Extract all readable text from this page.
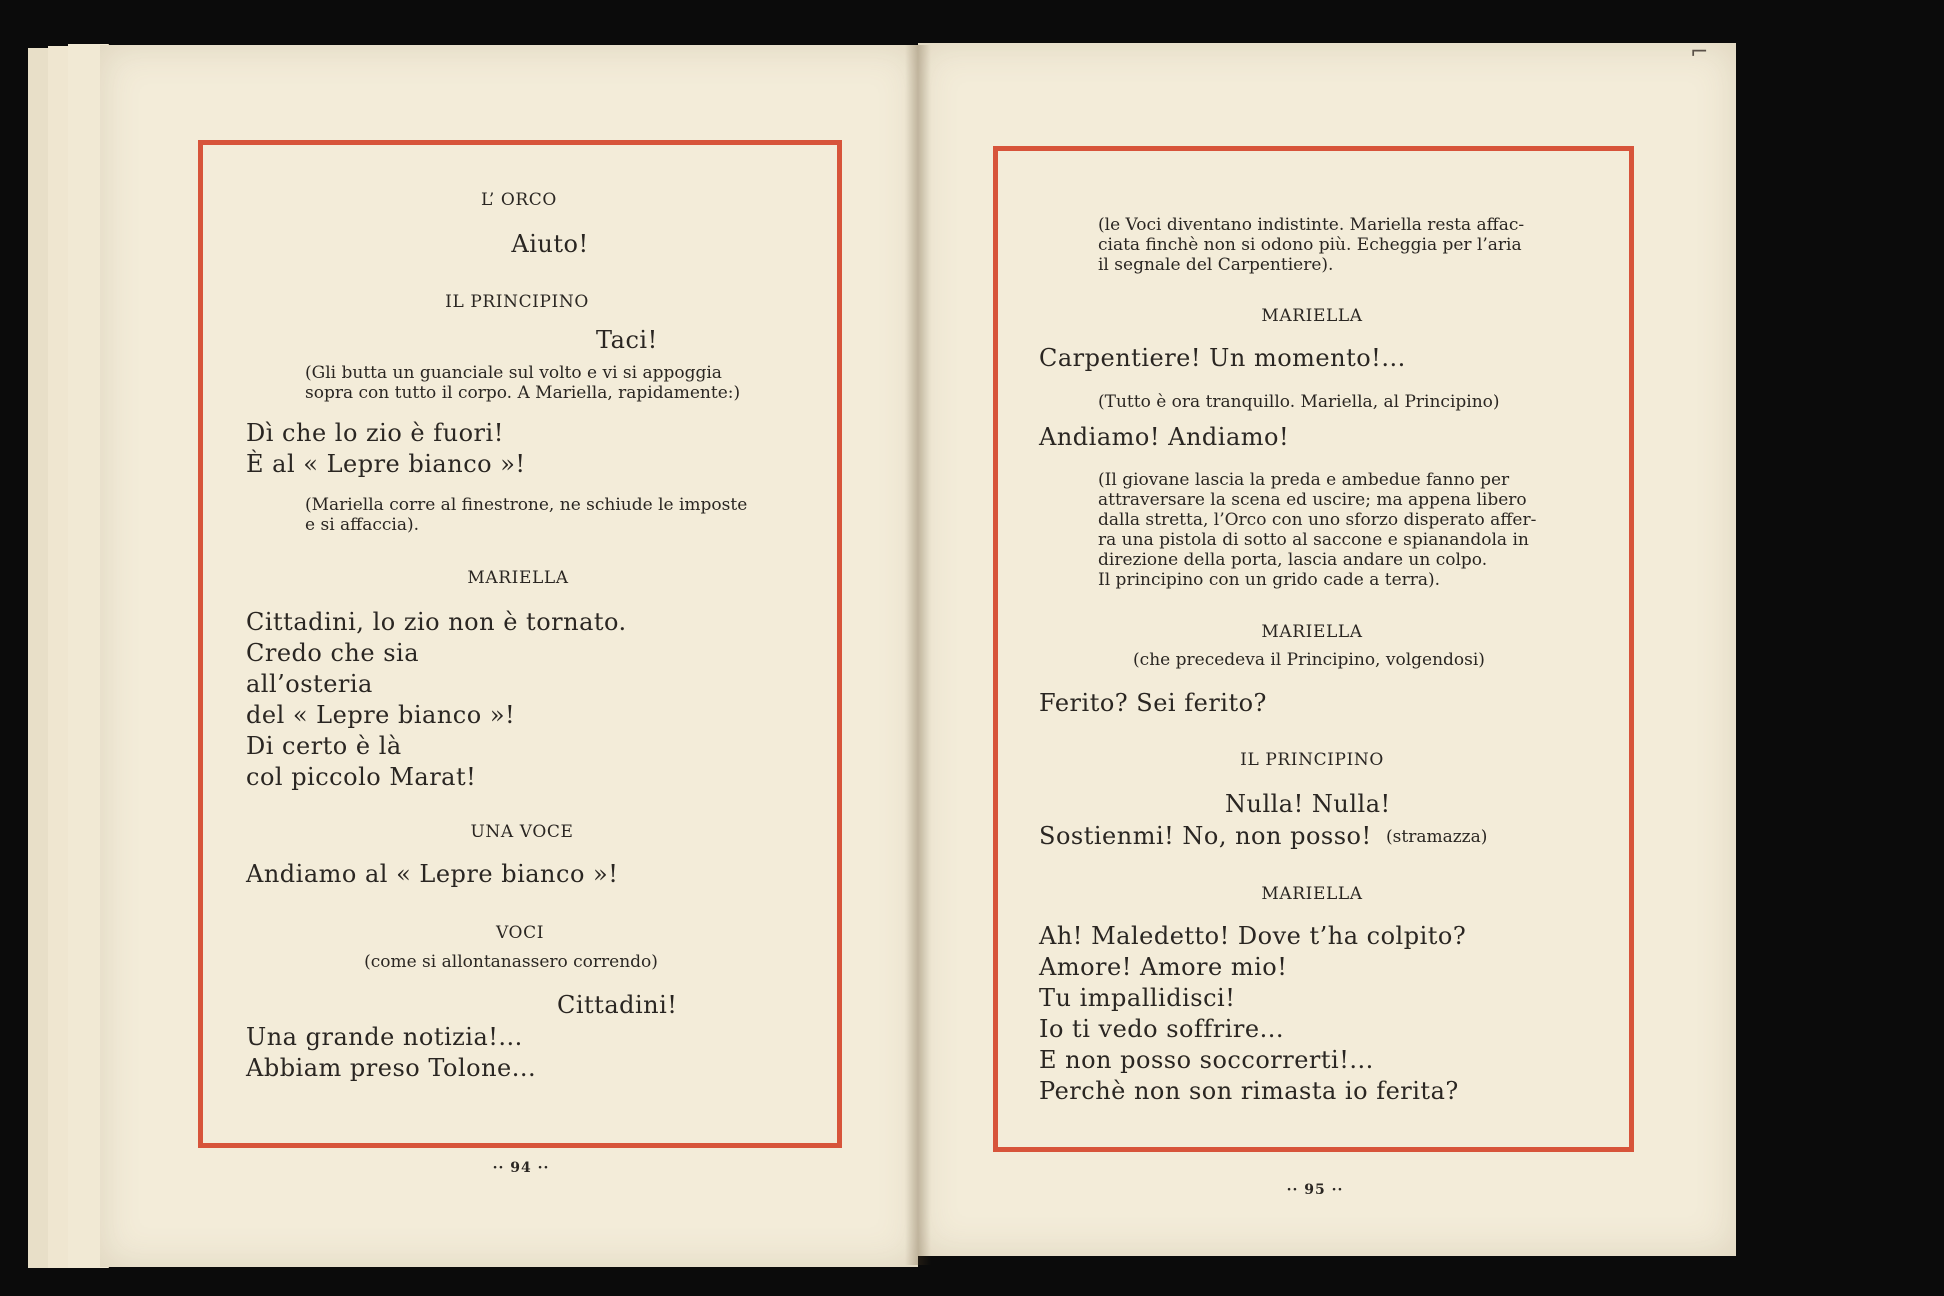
L’ ORCO

Aiuto!

IL PRINCIPINO

Taci!

(Gli butta un guanciale sul volto e vi si appoggia
sopra con tutto il corpo. A Mariella, rapidamente:)
Dì che lo zio è fuori!
È al « Lepre bianco »!
(Mariella corre al finestrone, ne schiude le imposte
e si affaccia).

MARIELLA

Cittadini, lo zio non è tornato.
Credo che sia
all’osteria
del « Lepre bianco »!
Di certo è là
col piccolo Marat!

UNA VOCE

Andiamo al « Lepre bianco »!

VOCI

(come si allontanassero correndo)

Cittadini!

Una grande notizia!...
Abbiam preso Tolone...

·· 94 ··

(le Voci diventano indistinte. Mariella resta affac-
ciata finchè non si odono più. Echeggia per l’aria
il segnale del Carpentiere).

MARIELLA

Carpentiere! Un momento!...

(Tutto è ora tranquillo. Mariella, al Principino)

Andiamo! Andiamo!

(Il giovane lascia la preda e ambedue fanno per
attraversare la scena ed uscire; ma appena libero
dalla stretta, l’Orco con uno sforzo disperato affer-
ra una pistola di sotto al saccone e spianandola in
direzione della porta, lascia andare un colpo.
Il principino con un grido cade a terra).

MARIELLA

(che precedeva il Principino, volgendosi)

Ferito? Sei ferito?

IL PRINCIPINO

Nulla! Nulla!

Sostienmi! No, non posso! (stramazza)

MARIELLA

Ah! Maledetto! Dove t’ha colpito?
Amore! Amore mio!
Tu impallidisci!
Io ti vedo soffrire...
E non posso soccorrerti!...
Perchè non son rimasta io ferita?

·· 95 ··

⌐
